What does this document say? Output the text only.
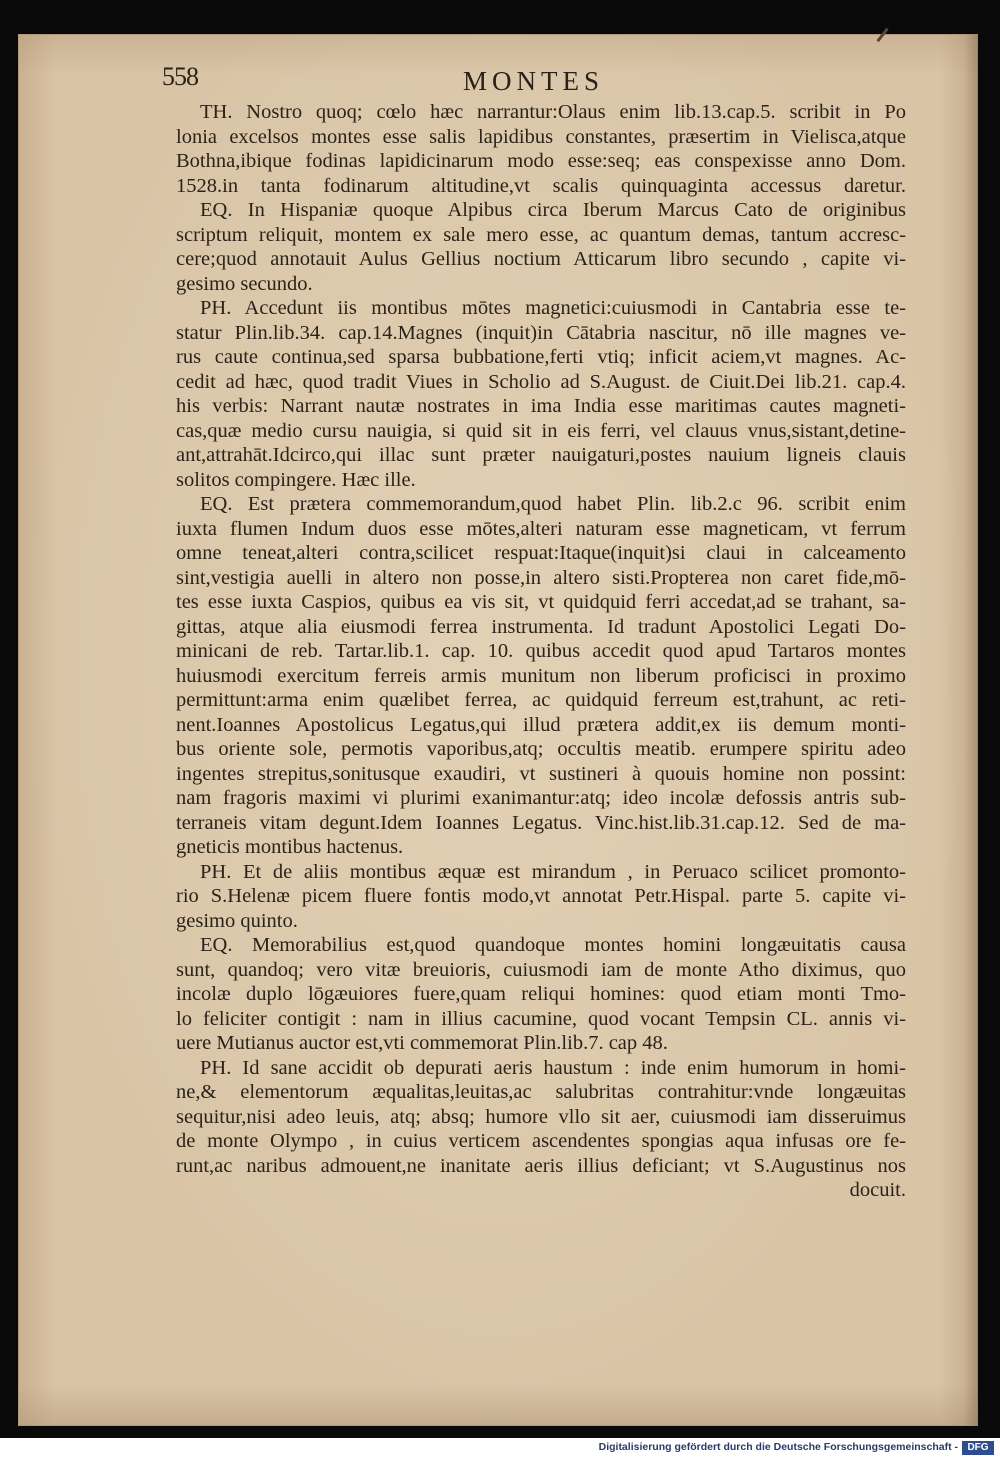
558	MONTES
TH. Nostro quoq; cœlo hæc narrantur:Olaus enim lib.13.cap.5. scribit in Po
lonia excelsos montes esse salis lapidibus constantes, præsertim in Vielisca,atque
Bothna,ibique fodinas lapidicinarum modo esse:seq; eas conspexisse anno Dom.
1528.in tanta fodinarum altitudine,vt scalis quinquaginta accessus daretur.
EQ. In Hispaniæ quoque Alpibus circa Iberum Marcus Cato de originibus
scriptum reliquit, montem ex sale mero esse, ac quantum demas, tantum accresc-
cere;quod annotauit Aulus Gellius noctium Atticarum libro secundo , capite vi-
gesimo secundo.
PH. Accedunt iis montibus mōtes magnetici:cuiusmodi in Cantabria esse te-
statur Plin.lib.34. cap.14.Magnes (inquit)in Cātabria nascitur, nō ille magnes ve-
rus caute continua,sed sparsa bubbatione,ferti vtiq; inficit aciem,vt magnes. Ac-
cedit ad hæc, quod tradit Viues in Scholio ad S.August. de Ciuit.Dei lib.21. cap.4.
his verbis: Narrant nautæ nostrates in ima India esse maritimas cautes magneti-
cas,quæ medio cursu nauigia, si quid sit in eis ferri, vel clauus vnus,sistant,detine-
ant,attrahāt.Idcirco,qui illac sunt præter nauigaturi,postes nauium ligneis clauis
solitos compingere. Hæc ille.
EQ. Est prætera commemorandum,quod habet Plin. lib.2.c 96. scribit enim
iuxta flumen Indum duos esse mōtes,alteri naturam esse magneticam, vt ferrum
omne teneat,alteri contra,scilicet respuat:Itaque(inquit)si claui in calceamento
sint,vestigia auelli in altero non posse,in altero sisti.Propterea non caret fide,mō-
tes esse iuxta Caspios, quibus ea vis sit, vt quidquid ferri accedat,ad se trahant, sa-
gittas, atque alia eiusmodi ferrea instrumenta. Id tradunt Apostolici Legati Do-
minicani de reb. Tartar.lib.1. cap. 10. quibus accedit quod apud Tartaros montes
huiusmodi exercitum ferreis armis munitum non liberum proficisci in proximo
permittunt:arma enim quælibet ferrea, ac quidquid ferreum est,trahunt, ac reti-
nent.Ioannes Apostolicus Legatus,qui illud prætera addit,ex iis demum monti-
bus oriente sole, permotis vaporibus,atq; occultis meatib. erumpere spiritu adeo
ingentes strepitus,sonitusque exaudiri, vt sustineri à quouis homine non possint:
nam fragoris maximi vi plurimi exanimantur:atq; ideo incolæ defossis antris sub-
terraneis vitam degunt.Idem Ioannes Legatus. Vinc.hist.lib.31.cap.12. Sed de ma-
gneticis montibus hactenus.
PH. Et de aliis montibus æquæ est mirandum , in Peruaco scilicet promonto-
rio S.Helenæ picem fluere fontis modo,vt annotat Petr.Hispal. parte 5. capite vi-
gesimo quinto.
EQ. Memorabilius est,quod quandoque montes homini longæuitatis causa
sunt, quandoq; vero vitæ breuioris, cuiusmodi iam de monte Atho diximus, quo
incolæ duplo lōgæuiores fuere,quam reliqui homines: quod etiam monti Tmo-
lo feliciter contigit : nam in illius cacumine, quod vocant Tempsin CL. annis vi-
uere Mutianus auctor est,vti commemorat Plin.lib.7. cap 48.
PH. Id sane accidit ob depurati aeris haustum : inde enim humorum in homi-
ne,& elementorum æqualitas,leuitas,ac salubritas contrahitur:vnde longæuitas
sequitur,nisi adeo leuis, atq; absq; humore vllo sit aer, cuiusmodi iam disseruimus
de monte Olympo , in cuius verticem ascendentes spongias aqua infusas ore fe-
runt,ac naribus admouent,ne inanitate aeris illius deficiant; vt S.Augustinus nos
docuit.
Digitalisierung gefördert durch die Deutsche Forschungsgemeinschaft - DFG
